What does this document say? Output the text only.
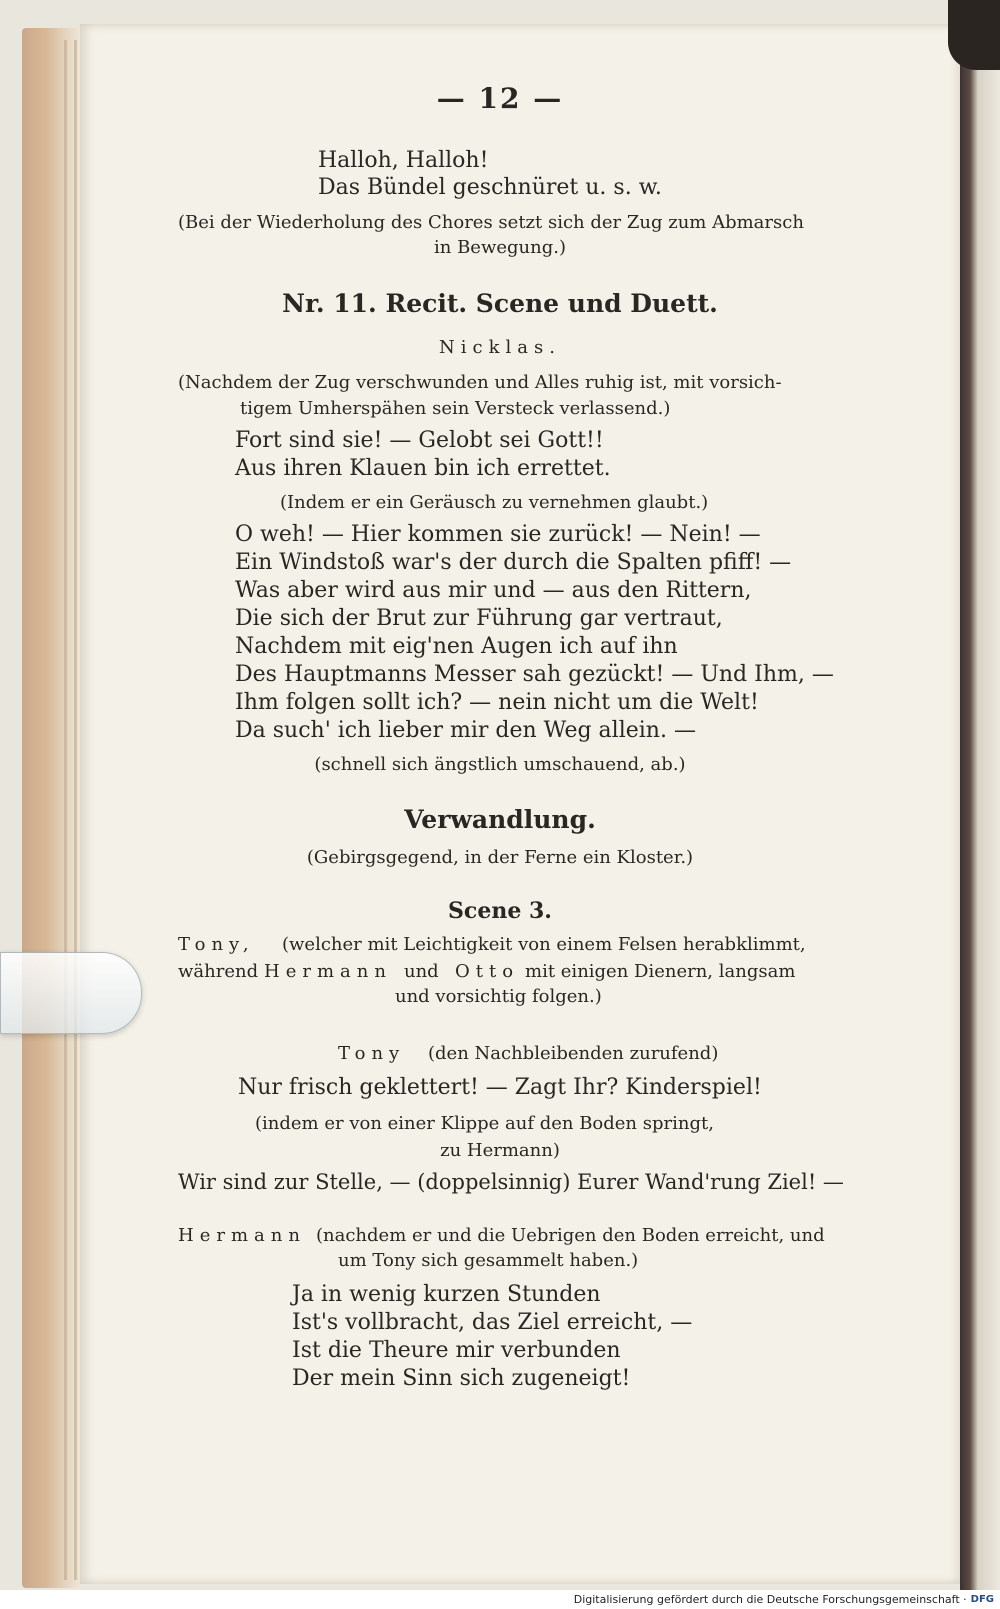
— 12 —
Halloh, Halloh!
Das Bündel geschnüret u. s. w.
(Bei der Wiederholung des Chores setzt sich der Zug zum Abmarsch
in Bewegung.)
Nr. 11. Recit. Scene und Duett.
Nicklas.
(Nachdem der Zug verschwunden und Alles ruhig ist, mit vorsich-
tigem Umherspähen sein Versteck verlassend.)
Fort sind sie! — Gelobt sei Gott!!
Aus ihren Klauen bin ich errettet.
(Indem er ein Geräusch zu vernehmen glaubt.)
O weh! — Hier kommen sie zurück! — Nein! —
Ein Windstoß war's der durch die Spalten pfiff! —
Was aber wird aus mir und — aus den Rittern,
Die sich der Brut zur Führung gar vertraut,
Nachdem mit eig'nen Augen ich auf ihn
Des Hauptmanns Messer sah gezückt! — Und Ihm, —
Ihm folgen sollt ich? — nein nicht um die Welt!
Da such' ich lieber mir den Weg allein. —
(schnell sich ängstlich umschauend, ab.)
Verwandlung.
(Gebirgsgegend, in der Ferne ein Kloster.)
Scene 3.
Tony, (welcher mit Leichtigkeit von einem Felsen herabklimmt,
während Hermann und Otto mit einigen Dienern, langsam
und vorsichtig folgen.)
Tony (den Nachbleibenden zurufend)
Nur frisch geklettert! — Zagt Ihr? Kinderspiel!
(indem er von einer Klippe auf den Boden springt,
zu Hermann)
Wir sind zur Stelle, — (doppelsinnig) Eurer Wand'rung Ziel! —
Hermann (nachdem er und die Uebrigen den Boden erreicht, und
um Tony sich gesammelt haben.)
Ja in wenig kurzen Stunden
Ist's vollbracht, das Ziel erreicht, —
Ist die Theure mir verbunden
Der mein Sinn sich zugeneigt!
Digitalisierung gefördert durch die Deutsche Forschungsgemeinschaft · DFG
